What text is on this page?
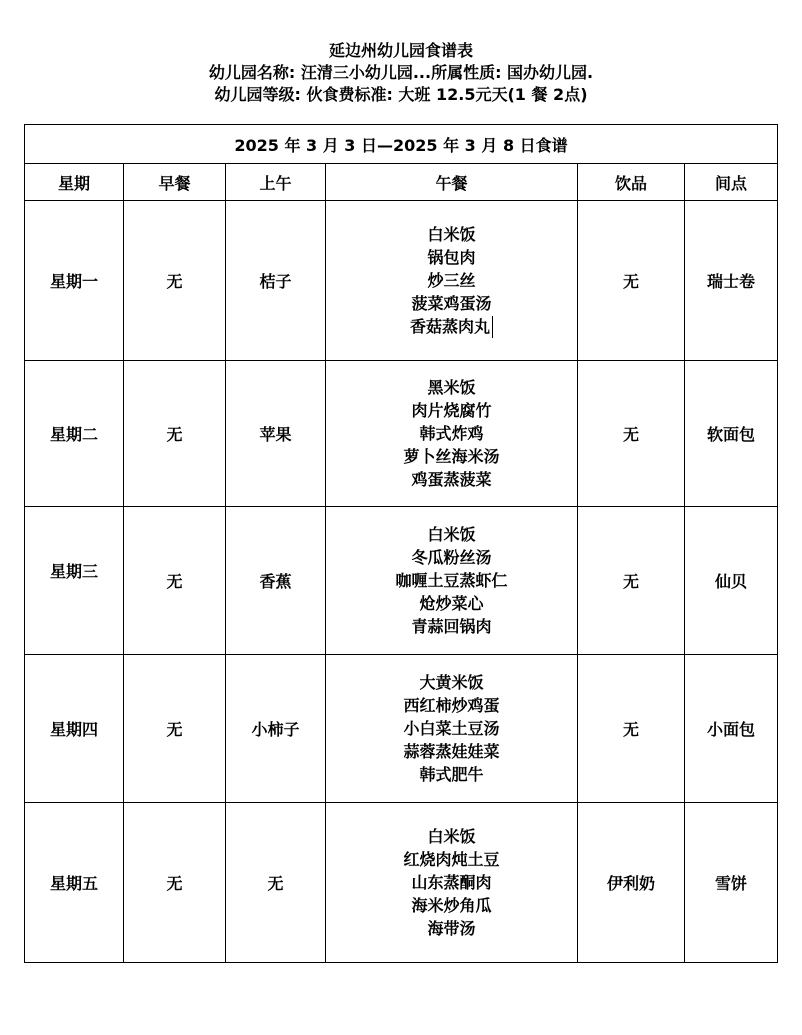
延边州幼儿园食谱表
幼儿园名称: 汪清三小幼儿园...所属性质: 国办幼儿园.
幼儿园等级: 伙食费标准: 大班 12.5元天(1 餐 2点)
2025 年 3 月 3 日—2025 年 3 月 8 日食谱					
星期	早餐	上午	午餐	饮品	间点
星期一	无	桔子	白米饭
锅包肉
炒三丝
菠菜鸡蛋汤
香菇蒸肉丸	无	瑞士卷
星期二	无	苹果	黑米饭
肉片烧腐竹
韩式炸鸡
萝卜丝海米汤
鸡蛋蒸菠菜	无	软面包
星期三	无	香蕉	白米饭
冬瓜粉丝汤
咖喱土豆蒸虾仁
炝炒菜心
青蒜回锅肉	无	仙贝
星期四	无	小柿子	大黄米饭
西红柿炒鸡蛋
小白菜土豆汤
蒜蓉蒸娃娃菜
韩式肥牛	无	小面包
星期五	无	无	白米饭
红烧肉炖土豆
山东蒸酮肉
海米炒角瓜
海带汤	伊利奶	雪饼
